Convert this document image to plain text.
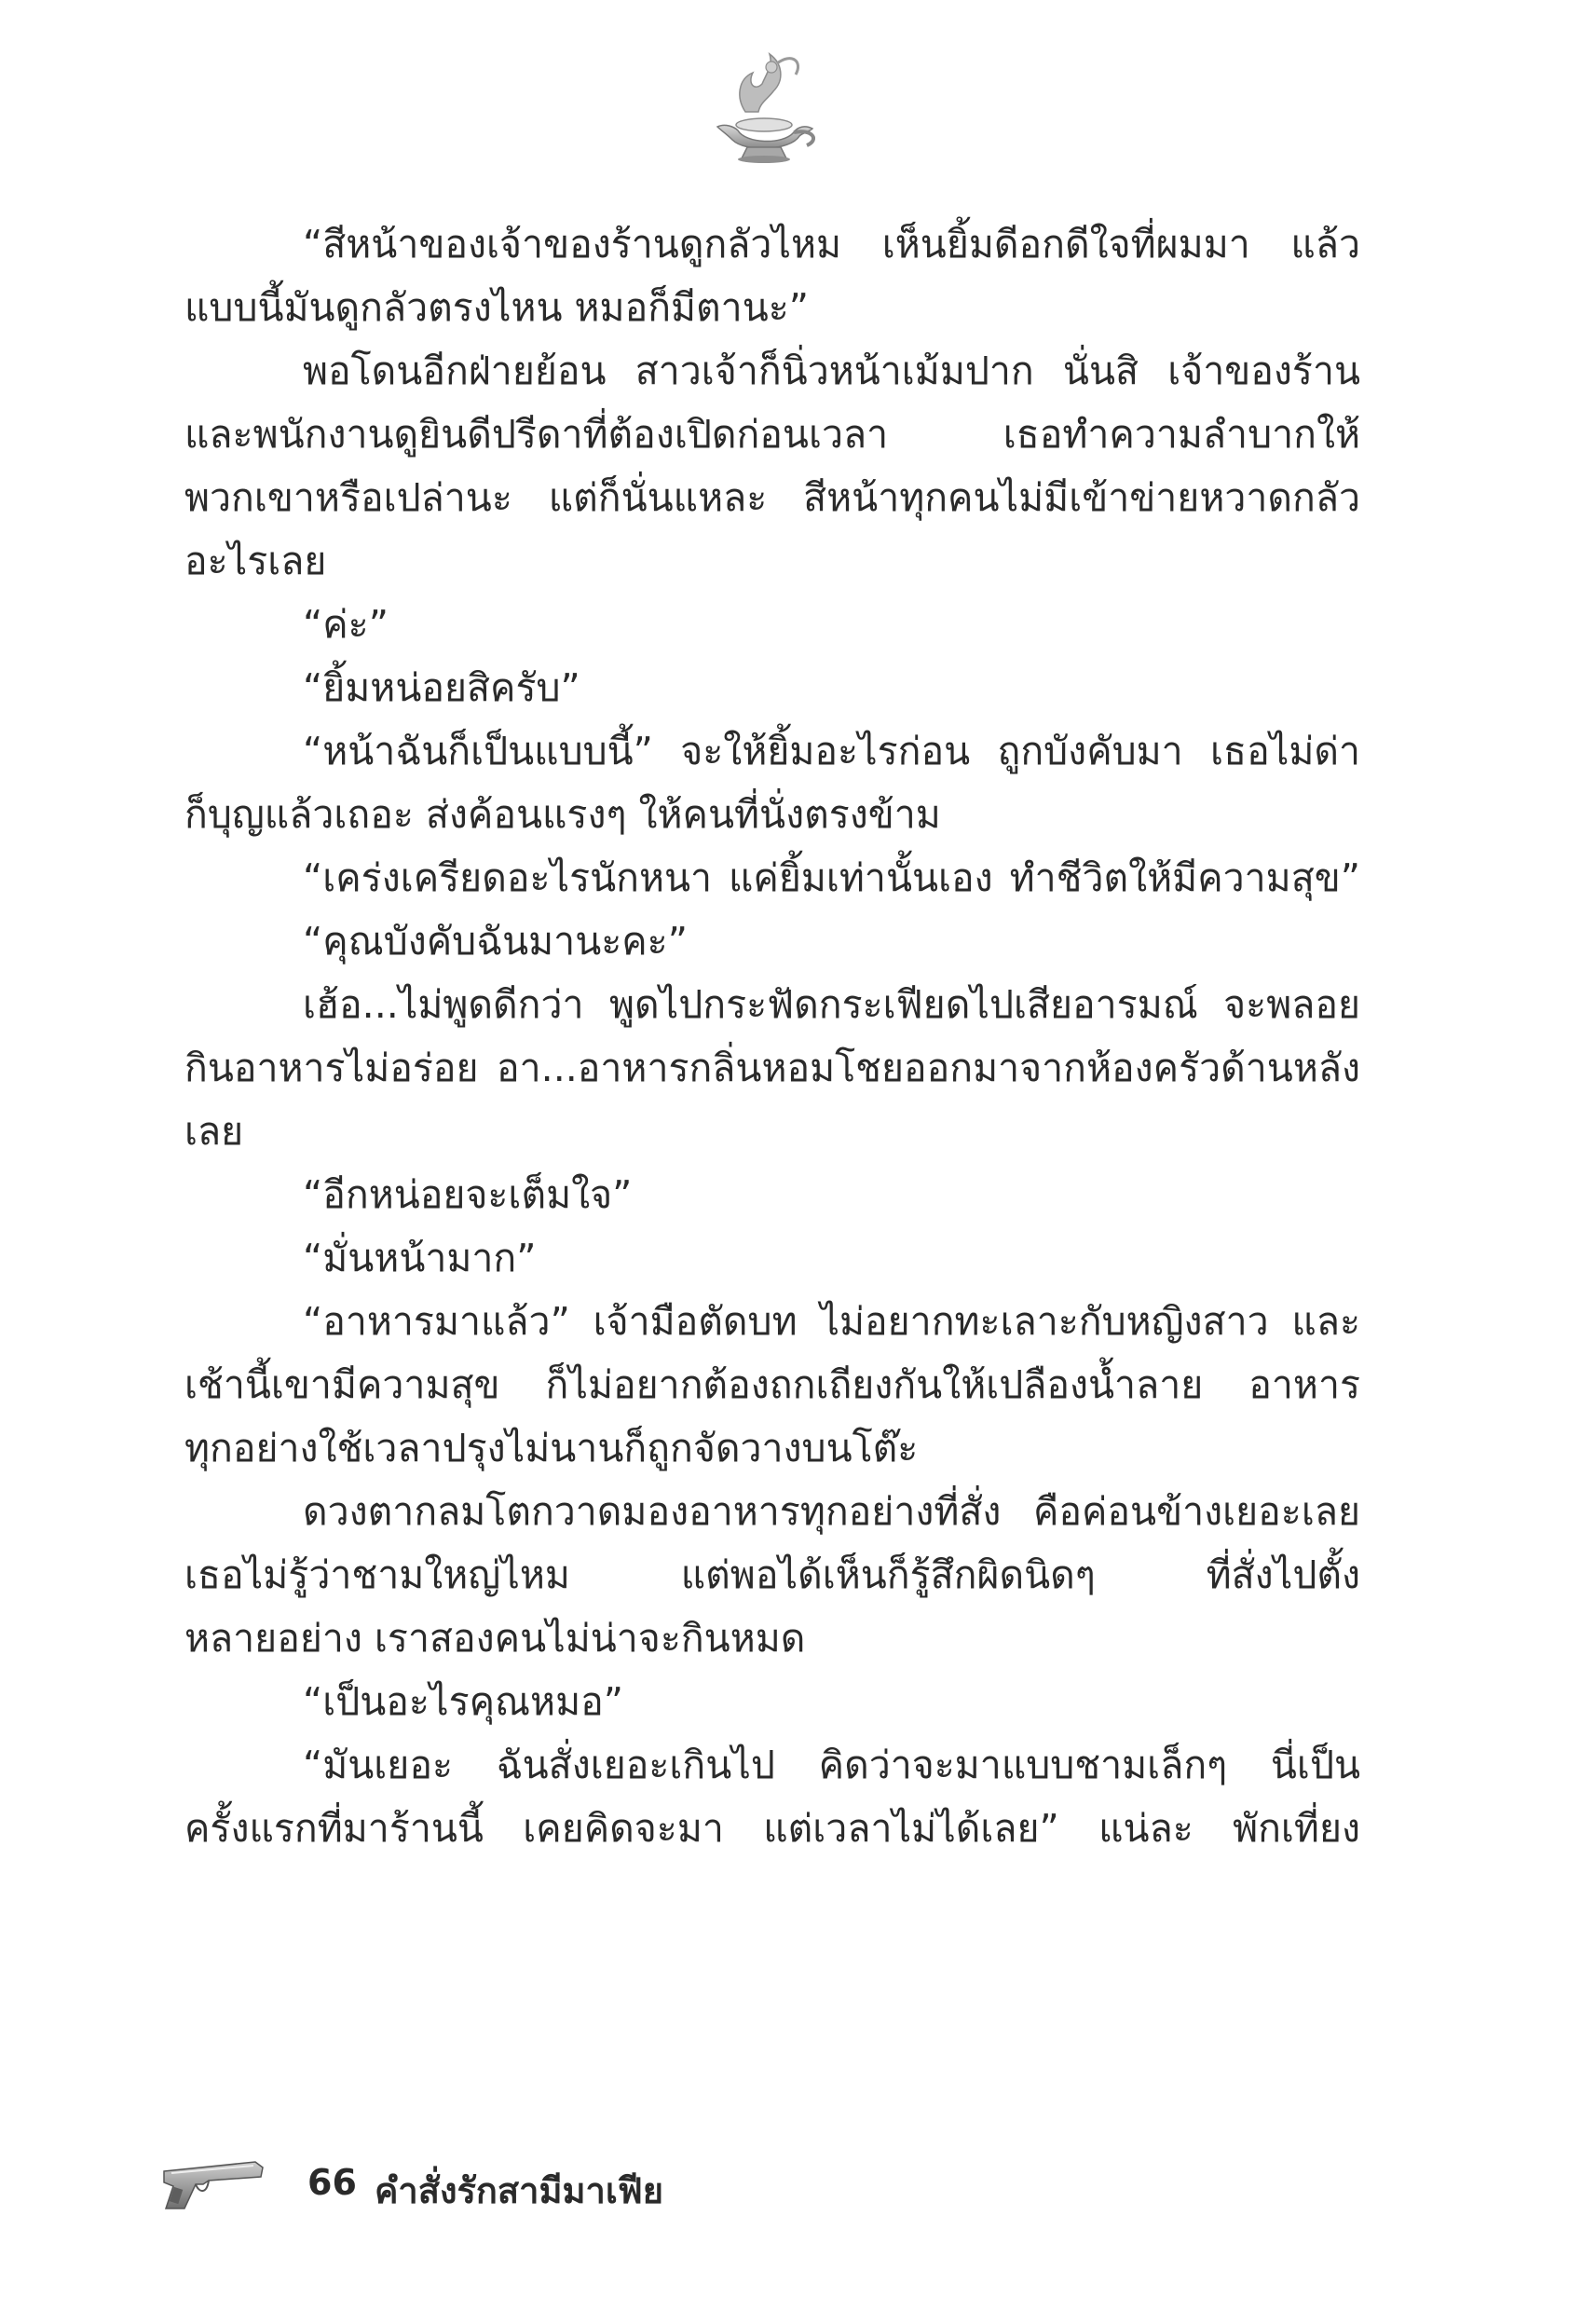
“สีหน้าของเจ้าของร้านดูกลัวไหม เห็นยิ้มดีอกดีใจที่ผมมา แล้ว
แบบนี้มันดูกลัวตรงไหน หมอก็มีตานะ”
พอโดนอีกฝ่ายย้อน สาวเจ้าก็นิ่วหน้าเม้มปาก นั่นสิ เจ้าของร้าน
และพนักงานดูยินดีปรีดาที่ต้องเปิดก่อนเวลา เธอทำความลำบากให้
พวกเขาหรือเปล่านะ แต่ก็นั่นแหละ สีหน้าทุกคนไม่มีเข้าข่ายหวาดกลัว
อะไรเลย
“ค่ะ”
“ยิ้มหน่อยสิครับ”
“หน้าฉันก็เป็นแบบนี้” จะให้ยิ้มอะไรก่อน ถูกบังคับมา เธอไม่ด่า
ก็บุญแล้วเถอะ ส่งค้อนแรงๆ ให้คนที่นั่งตรงข้าม
“เคร่งเครียดอะไรนักหนา แค่ยิ้มเท่านั้นเอง ทำชีวิตให้มีความสุข”
“คุณบังคับฉันมานะคะ”
เฮ้อ...ไม่พูดดีกว่า พูดไปกระฟัดกระเฟียดไปเสียอารมณ์ จะพลอย
กินอาหารไม่อร่อย อา...อาหารกลิ่นหอมโชยออกมาจากห้องครัวด้านหลัง
เลย
“อีกหน่อยจะเต็มใจ”
“มั่นหน้ามาก”
“อาหารมาแล้ว” เจ้ามือตัดบท ไม่อยากทะเลาะกับหญิงสาว และ
เช้านี้เขามีความสุข ก็ไม่อยากต้องถกเถียงกันให้เปลืองน้ำลาย อาหาร
ทุกอย่างใช้เวลาปรุงไม่นานก็ถูกจัดวางบนโต๊ะ
ดวงตากลมโตกวาดมองอาหารทุกอย่างที่สั่ง คือค่อนข้างเยอะเลย
เธอไม่รู้ว่าชามใหญ่ไหม แต่พอได้เห็นก็รู้สึกผิดนิดๆ ที่สั่งไปตั้ง
หลายอย่าง เราสองคนไม่น่าจะกินหมด
“เป็นอะไรคุณหมอ”
“มันเยอะ ฉันสั่งเยอะเกินไป คิดว่าจะมาแบบชามเล็กๆ นี่เป็น
ครั้งแรกที่มาร้านนี้ เคยคิดจะมา แต่เวลาไม่ได้เลย” แน่ละ พักเที่ยง
66 คำสั่งรักสามีมาเฟีย
